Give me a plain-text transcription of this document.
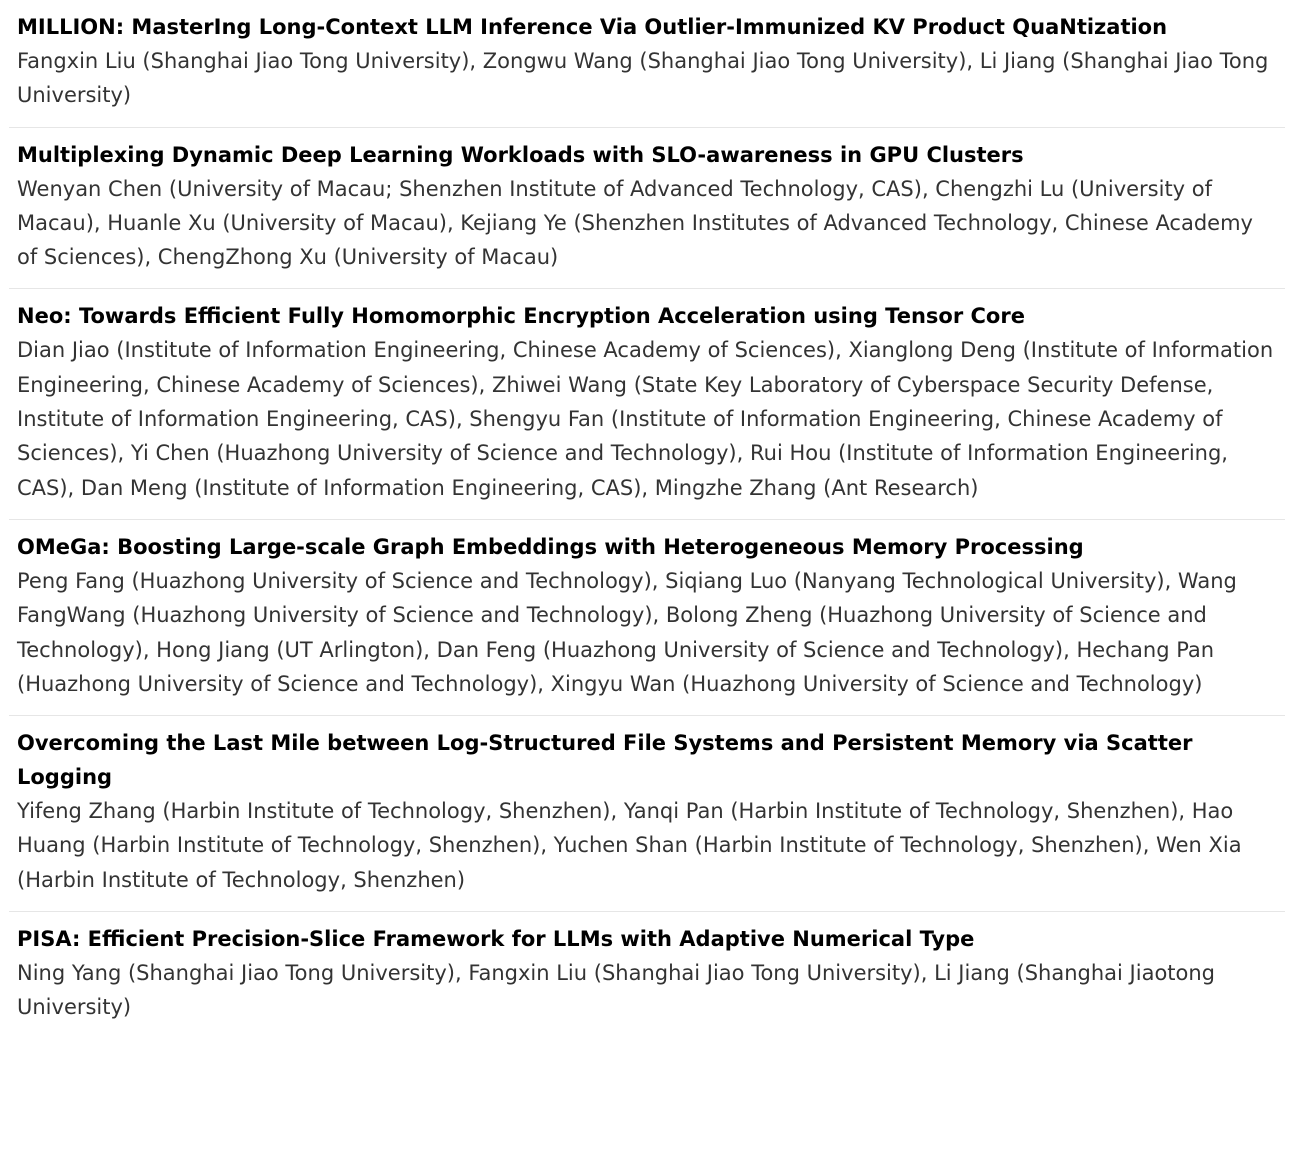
MILLION: MasterIng Long-Context LLM Inference Via Outlier-Immunized KV Product QuaNtization

Fangxin Liu (Shanghai Jiao Tong University), Zongwu Wang (Shanghai Jiao Tong University), Li Jiang (Shanghai Jiao Tong University)

Multiplexing Dynamic Deep Learning Workloads with SLO-awareness in GPU Clusters

Wenyan Chen (University of Macau; Shenzhen Institute of Advanced Technology, CAS), Chengzhi Lu (University of Macau), Huanle Xu (University of Macau), Kejiang Ye (Shenzhen Institutes of Advanced Technology, Chinese Academy of Sciences), ChengZhong Xu (University of Macau)

Neo: Towards Efficient Fully Homomorphic Encryption Acceleration using Tensor Core

Dian Jiao (Institute of Information Engineering, Chinese Academy of Sciences), Xianglong Deng (Institute of Information Engineering, Chinese Academy of Sciences), Zhiwei Wang (State Key Laboratory of Cyberspace Security Defense, Institute of Information Engineering, CAS), Shengyu Fan (Institute of Information Engineering, Chinese Academy of Sciences), Yi Chen (Huazhong University of Science and Technology), Rui Hou (Institute of Information Engineering, CAS), Dan Meng (Institute of Information Engineering, CAS), Mingzhe Zhang (Ant Research)

OMeGa: Boosting Large-scale Graph Embeddings with Heterogeneous Memory Processing

Peng Fang (Huazhong University of Science and Technology), Siqiang Luo (Nanyang Technological University), Wang FangWang (Huazhong University of Science and Technology), Bolong Zheng (Huazhong University of Science and Technology), Hong Jiang (UT Arlington), Dan Feng (Huazhong University of Science and Technology), Hechang Pan (Huazhong University of Science and Technology), Xingyu Wan (Huazhong University of Science and Technology)

Overcoming the Last Mile between Log-Structured File Systems and Persistent Memory via Scatter Logging

Yifeng Zhang (Harbin Institute of Technology, Shenzhen), Yanqi Pan (Harbin Institute of Technology, Shenzhen), Hao Huang (Harbin Institute of Technology, Shenzhen), Yuchen Shan (Harbin Institute of Technology, Shenzhen), Wen Xia (Harbin Institute of Technology, Shenzhen)

PISA: Efficient Precision-Slice Framework for LLMs with Adaptive Numerical Type

Ning Yang (Shanghai Jiao Tong University), Fangxin Liu (Shanghai Jiao Tong University), Li Jiang (Shanghai Jiaotong University)
